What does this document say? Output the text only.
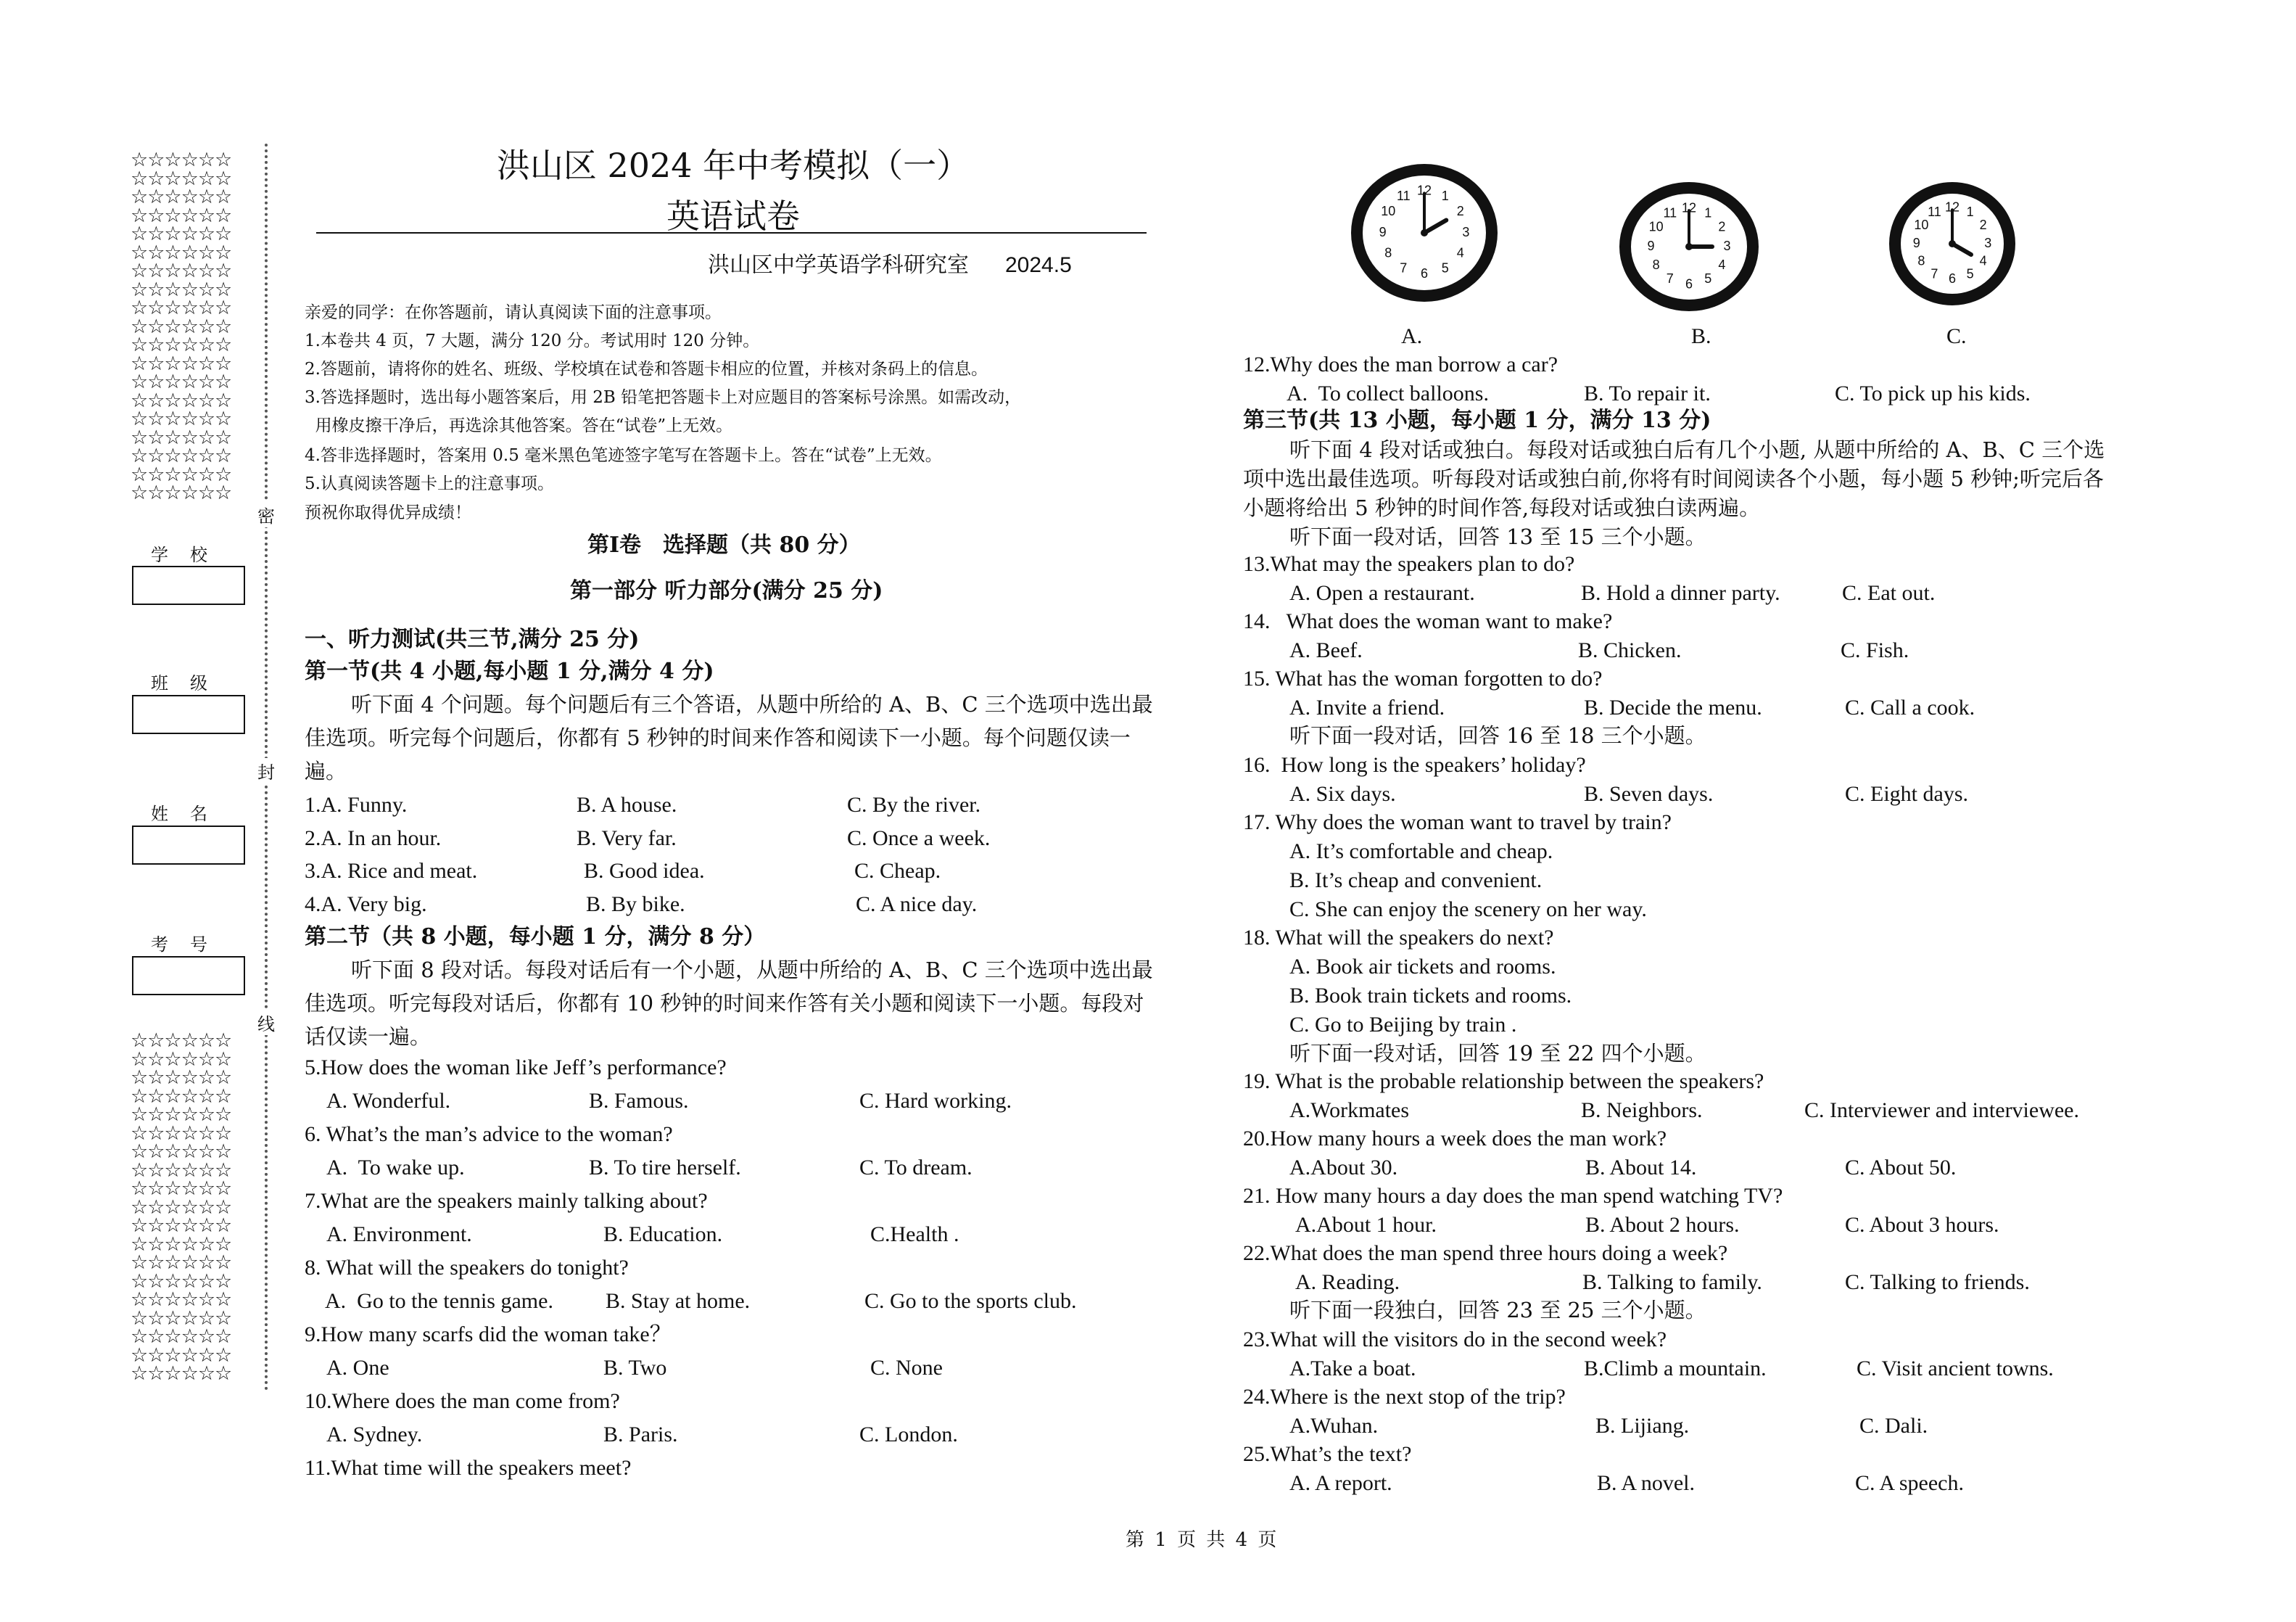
☆☆☆☆☆☆
☆☆☆☆☆☆
☆☆☆☆☆☆
☆☆☆☆☆☆
☆☆☆☆☆☆
☆☆☆☆☆☆
☆☆☆☆☆☆
☆☆☆☆☆☆
☆☆☆☆☆☆
☆☆☆☆☆☆
☆☆☆☆☆☆
☆☆☆☆☆☆
☆☆☆☆☆☆
☆☆☆☆☆☆
☆☆☆☆☆☆
☆☆☆☆☆☆
☆☆☆☆☆☆
☆☆☆☆☆☆
☆☆☆☆☆☆
☆☆☆☆☆☆
☆☆☆☆☆☆
☆☆☆☆☆☆
☆☆☆☆☆☆
☆☆☆☆☆☆
☆☆☆☆☆☆
☆☆☆☆☆☆
☆☆☆☆☆☆
☆☆☆☆☆☆
☆☆☆☆☆☆
☆☆☆☆☆☆
☆☆☆☆☆☆
☆☆☆☆☆☆
☆☆☆☆☆☆
☆☆☆☆☆☆
☆☆☆☆☆☆
☆☆☆☆☆☆
☆☆☆☆☆☆
☆☆☆☆☆☆
学校
班级
姓名
考号
密
封
线
洪山区 2024 年中考模拟（一）
英语试卷
洪山区中学英语学科研究室 2024.5
亲爱的同学：在你答题前，请认真阅读下面的注意事项。
1.本卷共 4 页，7 大题，满分 120 分。考试用时 120 分钟。
2.答题前，请将你的姓名、班级、学校填在试卷和答题卡相应的位置，并核对条码上的信息。
3.答选择题时，选出每小题答案后，用 2B 铅笔把答题卡上对应题目的答案标号涂黑。如需改动，
用橡皮擦干净后，再选涂其他答案。答在“试卷”上无效。
4.答非选择题时，答案用 0.5 毫米黑色笔迹签字笔写在答题卡上。答在“试卷”上无效。
5.认真阅读答题卡上的注意事项。
预祝你取得优异成绩！
第Ⅰ卷　选择题（共 80 分）
第一部分 听力部分(满分 25 分)
一、听力测试(共三节,满分 25 分)
第一节(共 4 小题,每小题 1 分,满分 4 分)
听下面 4 个问题。每个问题后有三个答语，从题中所给的 A、B、C 三个选项中选出最佳选项。听完每个问题后，你都有 5 秒钟的时间来作答和阅读下一小题。每个问题仅读一遍。
1.A. Funny.	B. A house.	C. By the river.
2.A. In an hour.	B. Very far.	C. Once a week.
3.A. Rice and meat.	B. Good idea.	C. Cheap.
4.A. Very big.	B. By bike.	C. A nice day.
第二节（共 8 小题，每小题 1 分，满分 8 分）
听下面 8 段对话。每段对话后有一个小题，从题中所给的 A、B、C 三个选项中选出最佳选项。听完每段对话后，你都有 10 秒钟的时间来作答有关小题和阅读下一小题。每段对话仅读一遍。
5.How does the woman like Jeff’s performance?
A. Wonderful.	B. Famous.	C. Hard working.
6. What’s the man’s advice to the woman?
A.  To wake up.	B. To tire herself.	C. To dream.
7.What are the speakers mainly talking about?
A. Environment.	B. Education.	C.Health .
8. What will the speakers do tonight?
A.  Go to the tennis game. B. Stay at home.	C. Go to the sports club.
9.How many scarfs did the woman take？
A. One	B. Two	C. None
10.Where does the man come from?
A. Sydney.	B. Paris.	C. London.
11.What time will the speakers meet?
1
2
3
4
5
6
7
8
9
10
11 12
1
2
3
4
5
6
7
8
9
10
11 12	1
2
3
4
5
6
7
8
9
10
11 12
A.	B.	C.
12.Why does the man borrow a car?
A.  To collect balloons.	B. To repair it.	C. To pick up his kids.
第三节(共 13 小题，每小题 1 分，满分 13 分)
听下面 4 段对话或独白。每段对话或独白后有几个小题, 从题中所给的 A、B、C 三个选项中选出最佳选项。听每段对话或独白前,你将有时间阅读各个小题，每小题 5 秒钟;听完后各小题将给出 5 秒钟的时间作答,每段对话或独白读两遍。
听下面一段对话，回答 13 至 15 三个小题。
13.What may the speakers plan to do?
A. Open a restaurant.	B. Hold a dinner party.	C. Eat out.
14.   What does the woman want to make?
A. Beef.	B. Chicken.	C. Fish.
15. What has the woman forgotten to do?
A. Invite a friend.	B. Decide the menu.	C. Call a cook.
听下面一段对话，回答 16 至 18 三个小题。
16.  How long is the speakers’ holiday?
A. Six days.	B. Seven days.	C. Eight days.
17. Why does the woman want to travel by train?
A. It’s comfortable and cheap.
B. It’s cheap and convenient.
C. She can enjoy the scenery on her way.
18. What will the speakers do next?
A. Book air tickets and rooms.
B. Book train tickets and rooms.
C. Go to Beijing by train .
听下面一段对话，回答 19 至 22 四个小题。
19. What is the probable relationship between the speakers?
A.Workmates	B. Neighbors.	C. Interviewer and interviewee.
20.How many hours a week does the man work?
A.About 30.	B. About 14.	C. About 50.
21. How many hours a day does the man spend watching TV?
A.About 1 hour.	B. About 2 hours.	C. About 3 hours.
22.What does the man spend three hours doing a week?
A. Reading.	B. Talking to family.	C. Talking to friends.
听下面一段独白，回答 23 至 25 三个小题。
23.What will the visitors do in the second week?
A.Take a boat.	B.Climb a mountain.	C. Visit ancient towns.
24.Where is the next stop of the trip?
A.Wuhan.	B. Lijiang.	C. Dali.
25.What’s the text?
A. A report.	B. A novel.	C. A speech.
第 1 页 共 4 页
